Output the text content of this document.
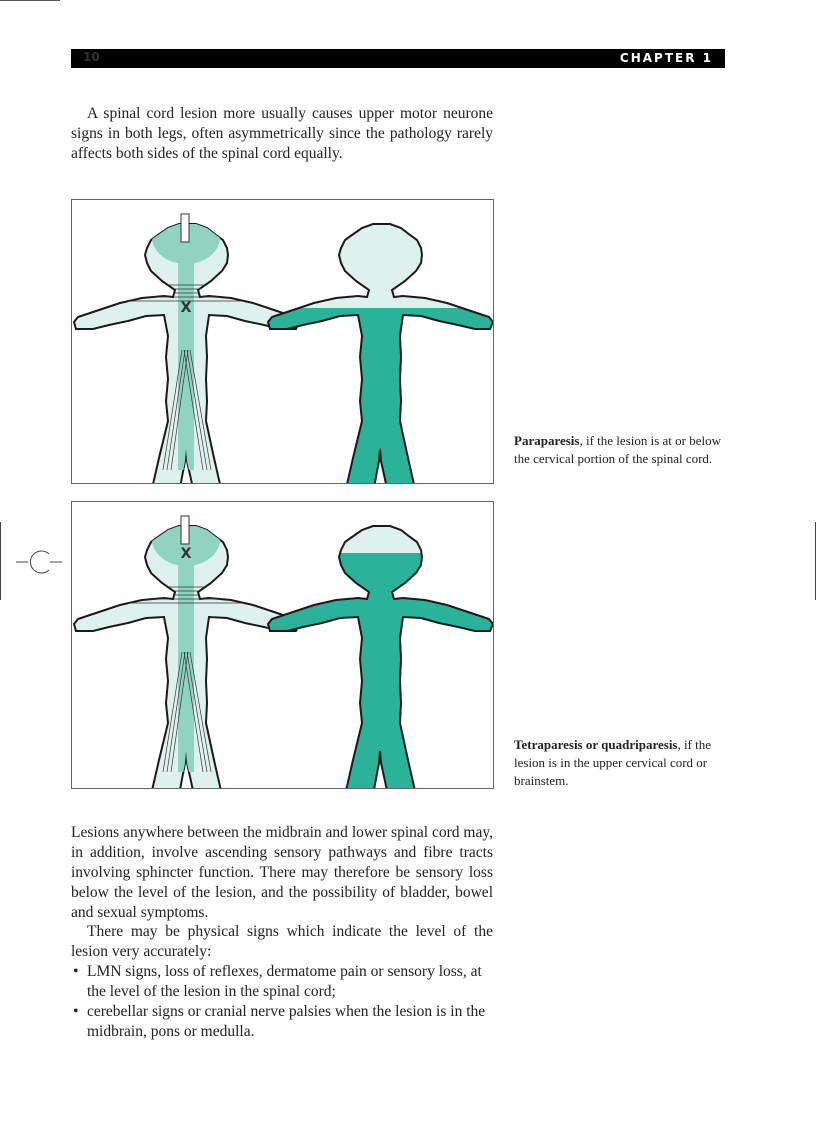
10	CHAPTER 1

A spinal cord lesion more usually causes upper motor neurone signs in both legs, often asymmetrically since the pathology rarely affects both sides of the spinal cord equally.

X
X
Paraparesis, if the lesion is at or below the cervical portion of the spinal cord.
Tetraparesis or quadriparesis, if the lesion is in the upper cervical cord or brainstem.

Lesions anywhere between the midbrain and lower spinal cord may, in addition, involve ascending sensory pathways and fibre tracts involving sphincter function. There may therefore be sensory loss below the level of the lesion, and the possibility of bladder, bowel and sexual symptoms.

There may be physical signs which indicate the level of the lesion very accurately:

• LMN signs, loss of reflexes, dermatome pain or sensory loss, at the level of the lesion in the spinal cord;
• cerebellar signs or cranial nerve palsies when the lesion is in the midbrain, pons or medulla.
